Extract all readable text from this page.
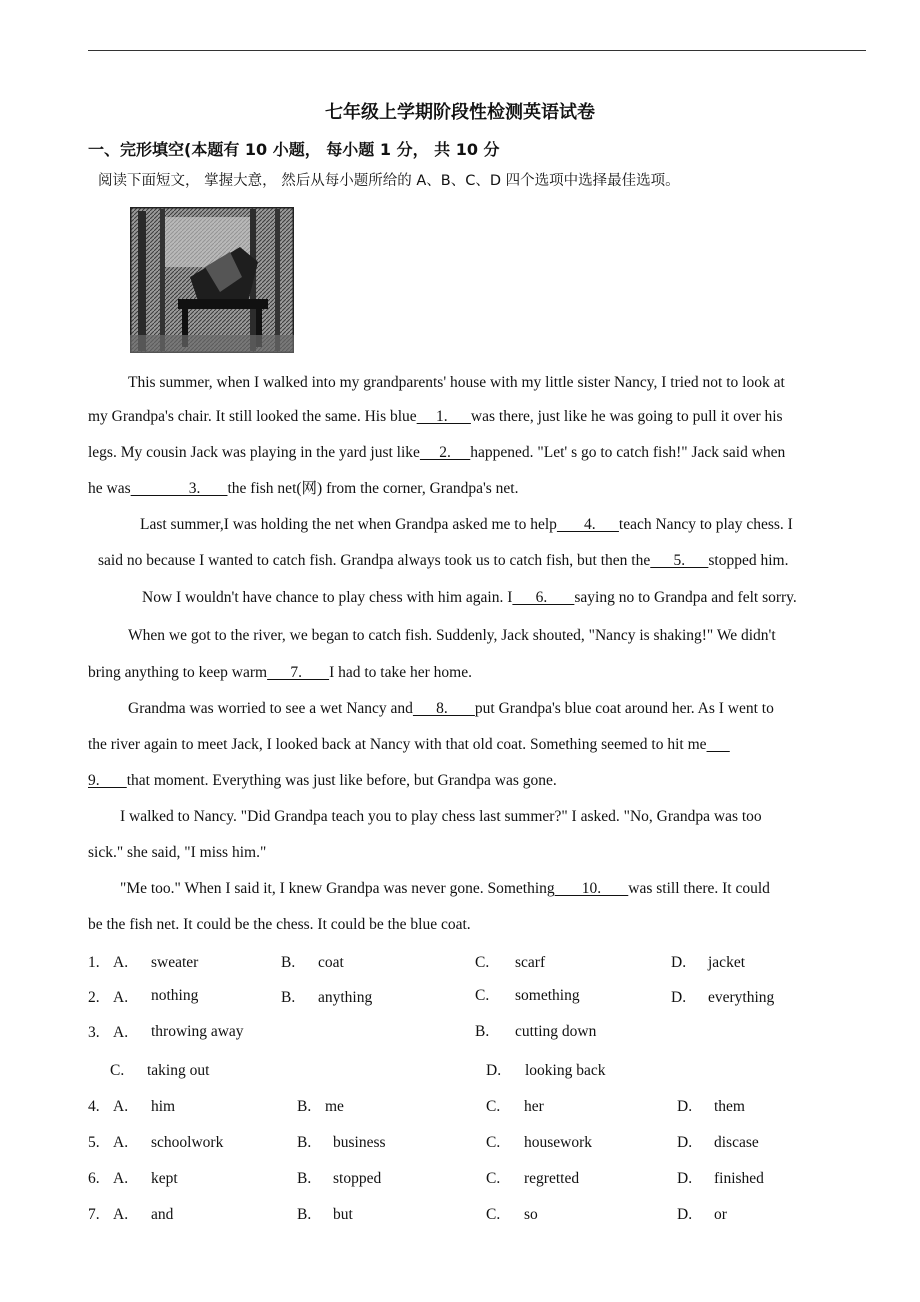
七年级上学期阶段性检测英语试卷
一、完形填空(本题有 10 小题， 每小题 1 分， 共 10 分
阅读下面短文， 掌握大意， 然后从每小题所给的 A、B、C、D 四个选项中选择最佳选项。
This summer, when I walked into my grandparents' house with my little sister Nancy, I tried not to look at
my Grandpa's chair. It still looked the same. His blue     1.      was there, just like he was going to pull it over his
legs. My cousin Jack was playing in the yard just like     2.     happened. "Let' s go to catch fish!" Jack said when
he was               3.       the fish net(网) from the corner, Grandpa's net.
Last summer,I was holding the net when Grandpa asked me to help       4.      teach Nancy to play chess. I
said no because I wanted to catch fish. Grandpa always took us to catch fish, but then the      5.      stopped him.
Now I wouldn't have chance to play chess with him again. I      6.       saying no to Grandpa and felt sorry.
When we got to the river, we began to catch fish. Suddenly, Jack shouted, "Nancy is shaking!" We didn't
bring anything to keep warm      7.       I had to take her home.
Grandma was worried to see a wet Nancy and      8.       put Grandpa's blue coat around her. As I went to
the river again to meet Jack, I looked back at Nancy with that old coat. Something seemed to hit me
9.       that moment. Everything was just like before, but Grandpa was gone.
I walked to Nancy. "Did Grandpa teach you to play chess last summer?" I asked. "No, Grandpa was too
sick." she said, "I miss him."
"Me too." When I said it, I knew Grandpa was never gone. Something       10.       was still there. It could
be the fish net. It could be the chess. It could be the blue coat.
1. A. sweater	B. coat	C. scarf	D. jacket
2. A. nothing	B. anything	C. something	D. everything
3. A. throwing away	B. cutting down
C. taking out	D. looking back
4. A. him	B. me	C. her	D. them
5. A. schoolwork	B. business	C. housework	D. discase
6. A. kept	B. stopped	C. regretted	D. finished
7. A. and	B. but	C. so	D. or
